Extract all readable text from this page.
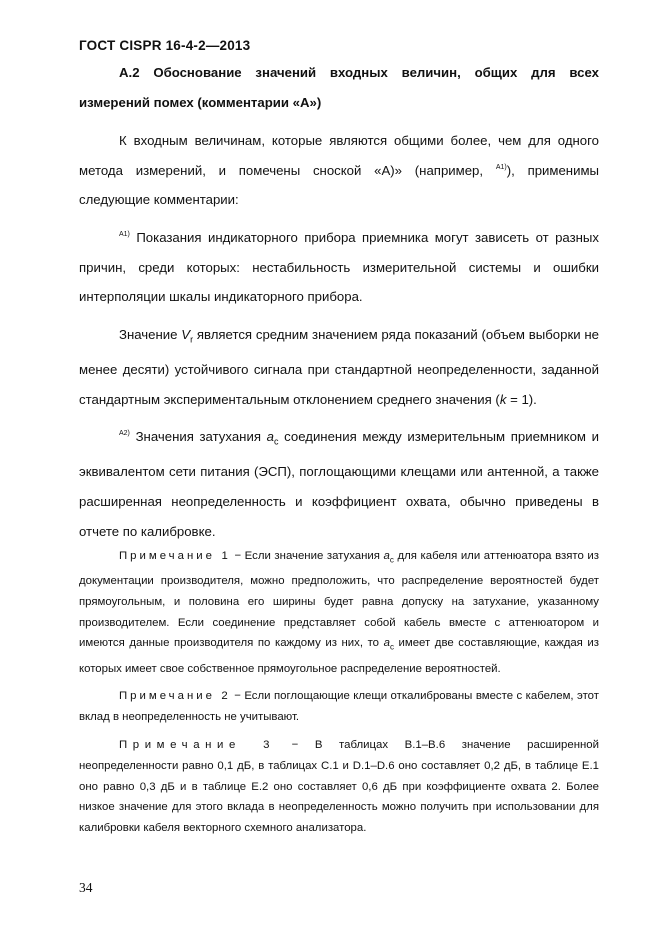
ГОСТ CISPR 16-4-2—2013

А.2 Обоснование значений входных величин, общих для всех измерений помех (комментарии «А»)

К входным величинам, которые являются общими более, чем для одного метода измерений, и помечены сноской «А)» (например, $^{A1)}$), применимы следующие комментарии:

$^{A1)}$ Показания индикаторного прибора приемника могут зависеть от разных причин, среди которых: нестабильность измерительной системы и ошибки интерполяции шкалы индикаторного прибора.

Значение $V_r$ является средним значением ряда показаний (объем выборки не менее десяти) устойчивого сигнала при стандартной неопределенности, заданной стандартным экспериментальным отклонением среднего значения (k = 1).

$^{A2)}$ Значения затухания $a_c$ соединения между измерительным приемником и эквивалентом сети питания (ЭСП), поглощающими клещами или антенной, а также расширенная неопределенность и коэффициент охвата, обычно приведены в отчете по калибровке.

Примечание 1 − Если значение затухания $a_c$ для кабеля или аттенюатора взято из документации производителя, можно предположить, что распределение вероятностей будет прямоугольным, и половина его ширины будет равна допуску на затухание, указанному производителем. Если соединение представляет собой кабель вместе с аттенюатором и имеются данные производителя по каждому из них, то $a_c$ имеет две составляющие, каждая из которых имеет свое собственное прямоугольное распределение вероятностей.

Примечание 2 − Если поглощающие клещи откалиброваны вместе с кабелем, этот вклад в неопределенность не учитывают.

Примечание 3 − В таблицах В.1–В.6 значение расширенной неопределенности равно 0,1 дБ, в таблицах С.1 и D.1–D.6 оно составляет 0,2 дБ, в таблице Е.1 оно равно 0,3 дБ и в таблице Е.2 оно составляет 0,6 дБ при коэффициенте охвата 2. Более низкое значение для этого вклада в неопределенность можно получить при использовании для калибровки кабеля векторного схемного анализатора.

34
